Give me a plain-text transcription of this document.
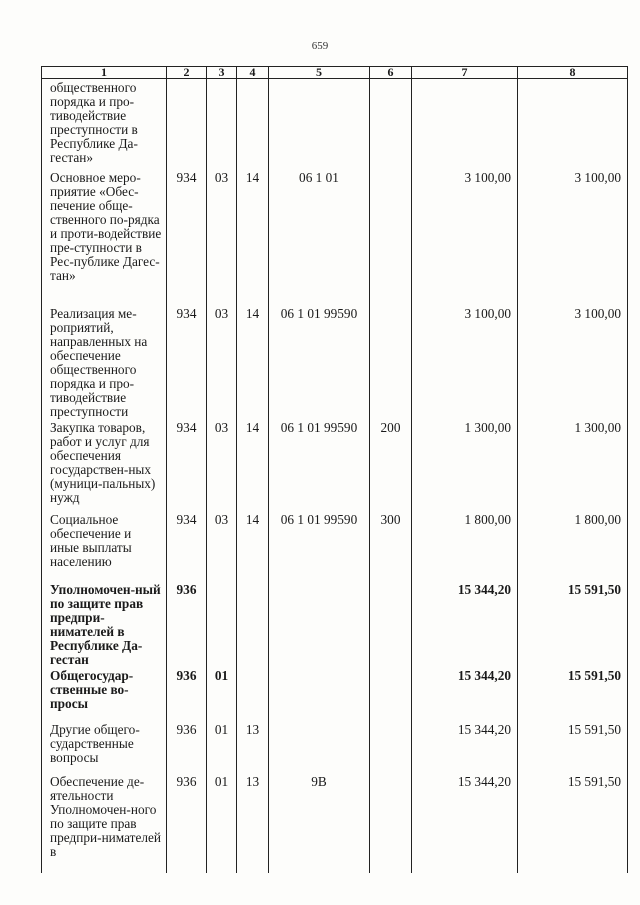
659
1	2	3	4	5	6	7	8

общественного порядка и про-тиводействие преступности в Республике Да-гестан»							

Основное меро-приятие «Обес-печение обще-ственного по-рядка и проти-водействие пре-ступности в Рес-публике Дагес-тан»	934	03	14	06 1 01		3 100,00	3 100,00

Реализация ме-роприятий, направленных на обеспечение общественного порядка и про-тиводействие преступности	934	03	14	06 1 01 99590		3 100,00	3 100,00

Закупка товаров, работ и услуг для обеспечения государствен-ных (муници-пальных) нужд	934	03	14	06 1 01 99590	200	1 300,00	1 300,00

Социальное обеспечение и иные выплаты населению	934	03	14	06 1 01 99590	300	1 800,00	1 800,00

Уполномочен-ный по защите прав предпри-нимателей в Республике Да-гестан	936					15 344,20	15 591,50

Общегосудар-ственные во-просы	936	01				15 344,20	15 591,50

Другие общего-сударственные вопросы	936	01	13			15 344,20	15 591,50

Обеспечение де-ятельности Уполномочен-ного по защите прав предпри-нимателей в	936	01	13	9В		15 344,20	15 591,50
